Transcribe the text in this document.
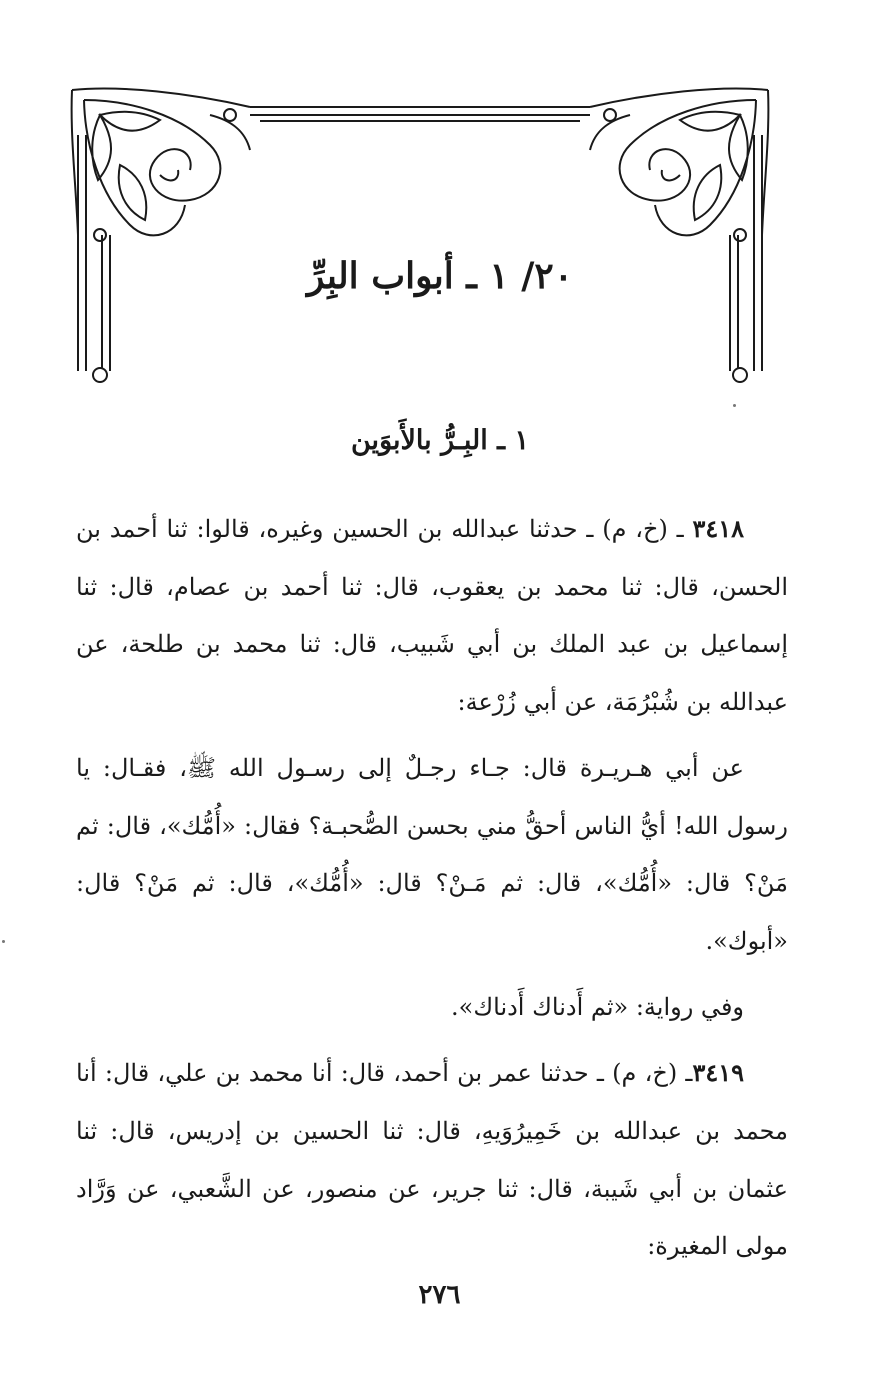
٢٠/ ١ ـ أبواب البِرِّ
١ ـ البِـرُّ بالأَبوَين

٣٤١٨ ـ (خ، م) ـ حدثنا عبدالله بن الحسين وغيره، قالوا: ثنا أحمد بن الحسن، قال: ثنا محمد بن يعقوب، قال: ثنا أحمد بن عصام، قال: ثنا إسماعيل بن عبد الملك بن أبي شَبيب، قال: ثنا محمد بن طلحة، عن عبدالله بن شُبْرُمَة، عن أبي زُرْعة:

عن أبي هـريـرة قال: جـاء رجـلٌ إلى رسـول الله ﷺ، فقـال: يا رسول الله! أيُّ الناس أحقُّ مني بحسن الصُّحبـة؟ فقال: «أُمُّك»، قال: ثم مَنْ؟ قال: «أُمُّك»، قال: ثم مَـنْ؟ قال: «أُمُّك»، قال: ثم مَنْ؟ قال: «أبوك».

وفي رواية: «ثم أَدناك أَدناك».

٣٤١٩ـ (خ، م) ـ حدثنا عمر بن أحمد، قال: أنا محمد بن علي، قال: أنا محمد بن عبدالله بن خَمِيرُوَيهِ، قال: ثنا الحسين بن إدريس، قال: ثنا عثمان بن أبي شَيبة، قال: ثنا جرير، عن منصور، عن الشَّعبي، عن وَرَّاد مولى المغيرة:

٢٧٦
